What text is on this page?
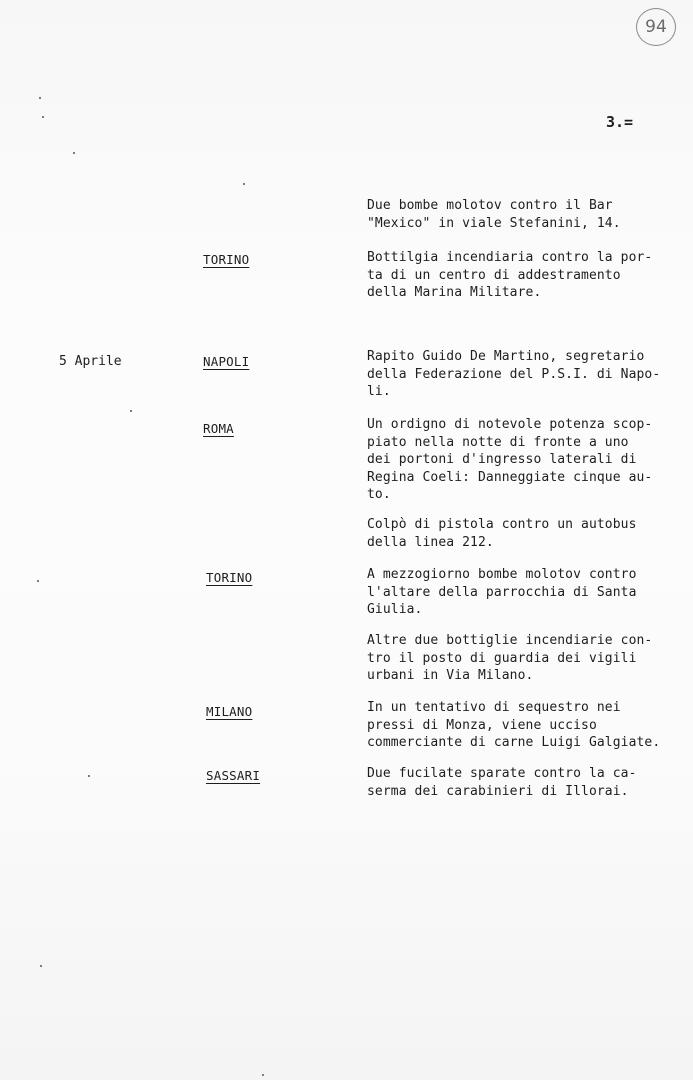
94
3.=
Due bombe molotov contro il Bar
"Mexico" in viale Stefanini, 14.
TORINO	Bottilgia incendiaria contro la por-
ta di un centro di addestramento
della Marina Militare.
5 Aprile	NAPOLI	Rapito Guido De Martino, segretario
della Federazione del P.S.I. di Napo-
li.
ROMA	Un ordigno di notevole potenza scop-
piato nella notte di fronte a uno
dei portoni d'ingresso laterali di
Regina Coeli: Danneggiate cinque au-
to.
Colpò di pistola contro un autobus
della linea 212.
TORINO	A mezzogiorno bombe molotov contro
l'altare della parrocchia di Santa
Giulia.
Altre due bottiglie incendiarie con-
tro il posto di guardia dei vigili
urbani in Via Milano.
MILANO	In un tentativo di sequestro nei
pressi di Monza, viene ucciso
commerciante di carne Luigi Galgiate.
SASSARI	Due fucilate sparate contro la ca-
serma dei carabinieri di Illorai.
